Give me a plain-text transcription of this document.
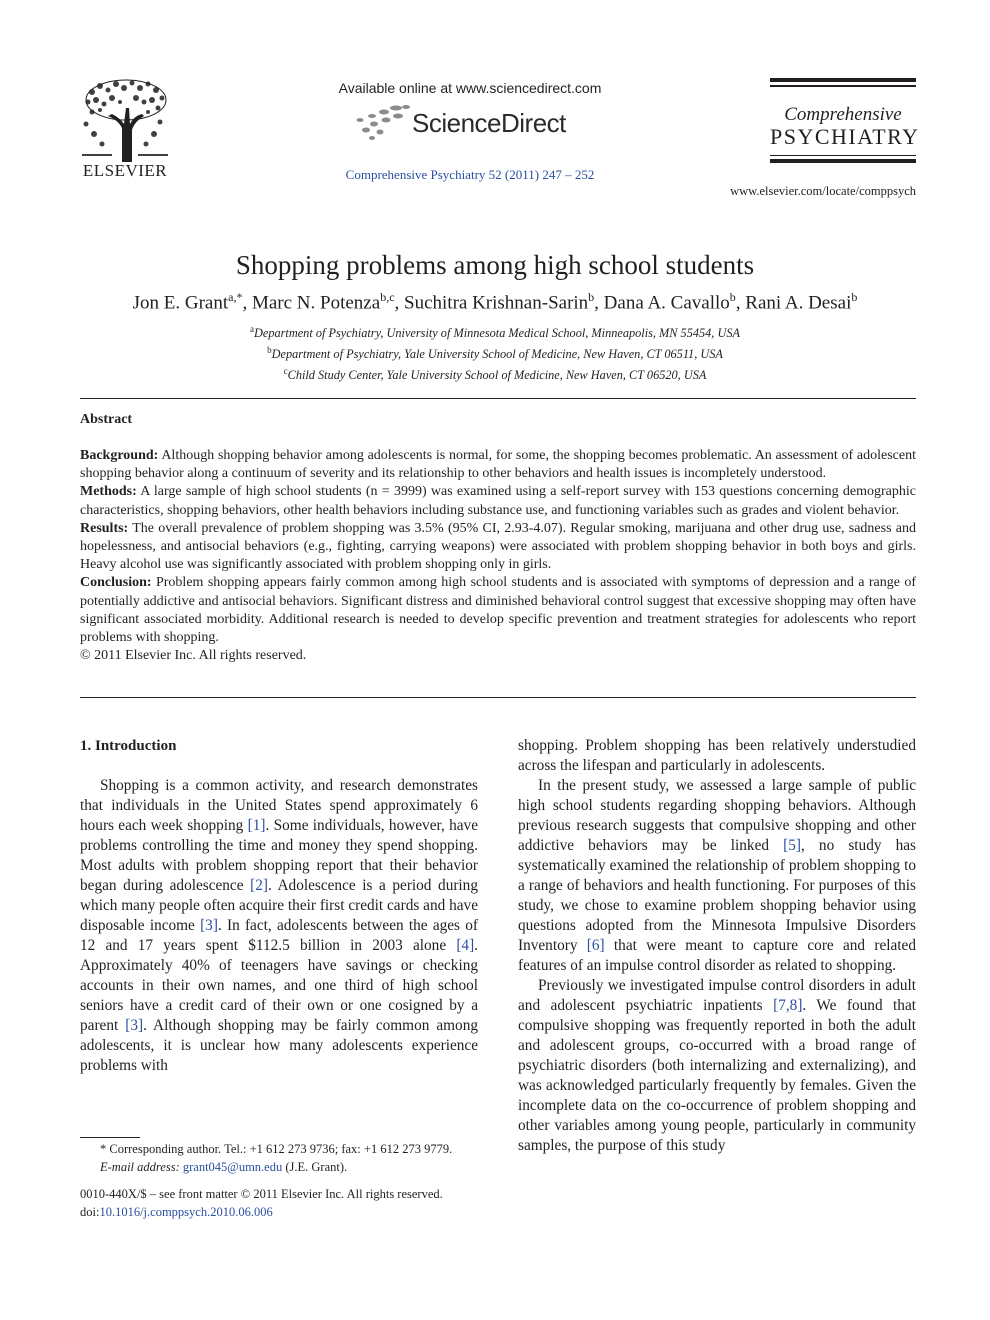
ELSEVIER
Available online at www.sciencedirect.com
ScienceDirect
Comprehensive Psychiatry 52 (2011) 247 – 252
Comprehensive
PSYCHIATRY
www.elsevier.com/locate/comppsych
Shopping problems among high school students
Jon E. Grant$^{a,*}$, Marc N. Potenza$^{b,c}$, Suchitra Krishnan-Sarin$^b$, Dana A. Cavallo$^b$, Rani A. Desai$^b$
$^a$Department of Psychiatry, University of Minnesota Medical School, Minneapolis, MN 55454, USA
$^b$Department of Psychiatry, Yale University School of Medicine, New Haven, CT 06511, USA
$^c$Child Study Center, Yale University School of Medicine, New Haven, CT 06520, USA
Abstract

Background: Although shopping behavior among adolescents is normal, for some, the shopping becomes problematic. An assessment of adolescent shopping behavior along a continuum of severity and its relationship to other behaviors and health issues is incompletely understood.

Methods: A large sample of high school students (n = 3999) was examined using a self-report survey with 153 questions concerning demographic characteristics, shopping behaviors, other health behaviors including substance use, and functioning variables such as grades and violent behavior.

Results: The overall prevalence of problem shopping was 3.5% (95% CI, 2.93-4.07). Regular smoking, marijuana and other drug use, sadness and hopelessness, and antisocial behaviors (e.g., fighting, carrying weapons) were associated with problem shopping behavior in both boys and girls. Heavy alcohol use was significantly associated with problem shopping only in girls.

Conclusion: Problem shopping appears fairly common among high school students and is associated with symptoms of depression and a range of potentially addictive and antisocial behaviors. Significant distress and diminished behavioral control suggest that excessive shopping may often have significant associated morbidity. Additional research is needed to develop specific prevention and treatment strategies for adolescents who report problems with shopping.

© 2011 Elsevier Inc. All rights reserved.

1. Introduction

Shopping is a common activity, and research demonstrates that individuals in the United States spend approximately 6 hours each week shopping [1]. Some individuals, however, have problems controlling the time and money they spend shopping. Most adults with problem shopping report that their behavior began during adolescence [2]. Adolescence is a period during which many people often acquire their first credit cards and have disposable income [3]. In fact, adolescents between the ages of 12 and 17 years spent $112.5 billion in 2003 alone [4]. Approximately 40% of teenagers have savings or checking accounts in their own names, and one third of high school seniors have a credit card of their own or one cosigned by a parent [3]. Although shopping may be fairly common among adolescents, it is unclear how many adolescents experience problems with

shopping. Problem shopping has been relatively understudied across the lifespan and particularly in adolescents.

In the present study, we assessed a large sample of public high school students regarding shopping behaviors. Although previous research suggests that compulsive shopping and other addictive behaviors may be linked [5], no study has systematically examined the relationship of problem shopping to a range of behaviors and health functioning. For purposes of this study, we chose to examine problem shopping behavior using questions adopted from the Minnesota Impulsive Disorders Inventory [6] that were meant to capture core and related features of an impulse control disorder as related to shopping.

Previously we investigated impulse control disorders in adult and adolescent psychiatric inpatients [7,8]. We found that compulsive shopping was frequently reported in both the adult and adolescent groups, co-occurred with a broad range of psychiatric disorders (both internalizing and externalizing), and was acknowledged particularly frequently by females. Given the incomplete data on the co-occurrence of problem shopping and other variables among young people, particularly in community samples, the purpose of this study

* Corresponding author. Tel.: +1 612 273 9736; fax: +1 612 273 9779.

E-mail address: grant045@umn.edu (J.E. Grant).

0010-440X/$ – see front matter © 2011 Elsevier Inc. All rights reserved.

doi:10.1016/j.comppsych.2010.06.006
